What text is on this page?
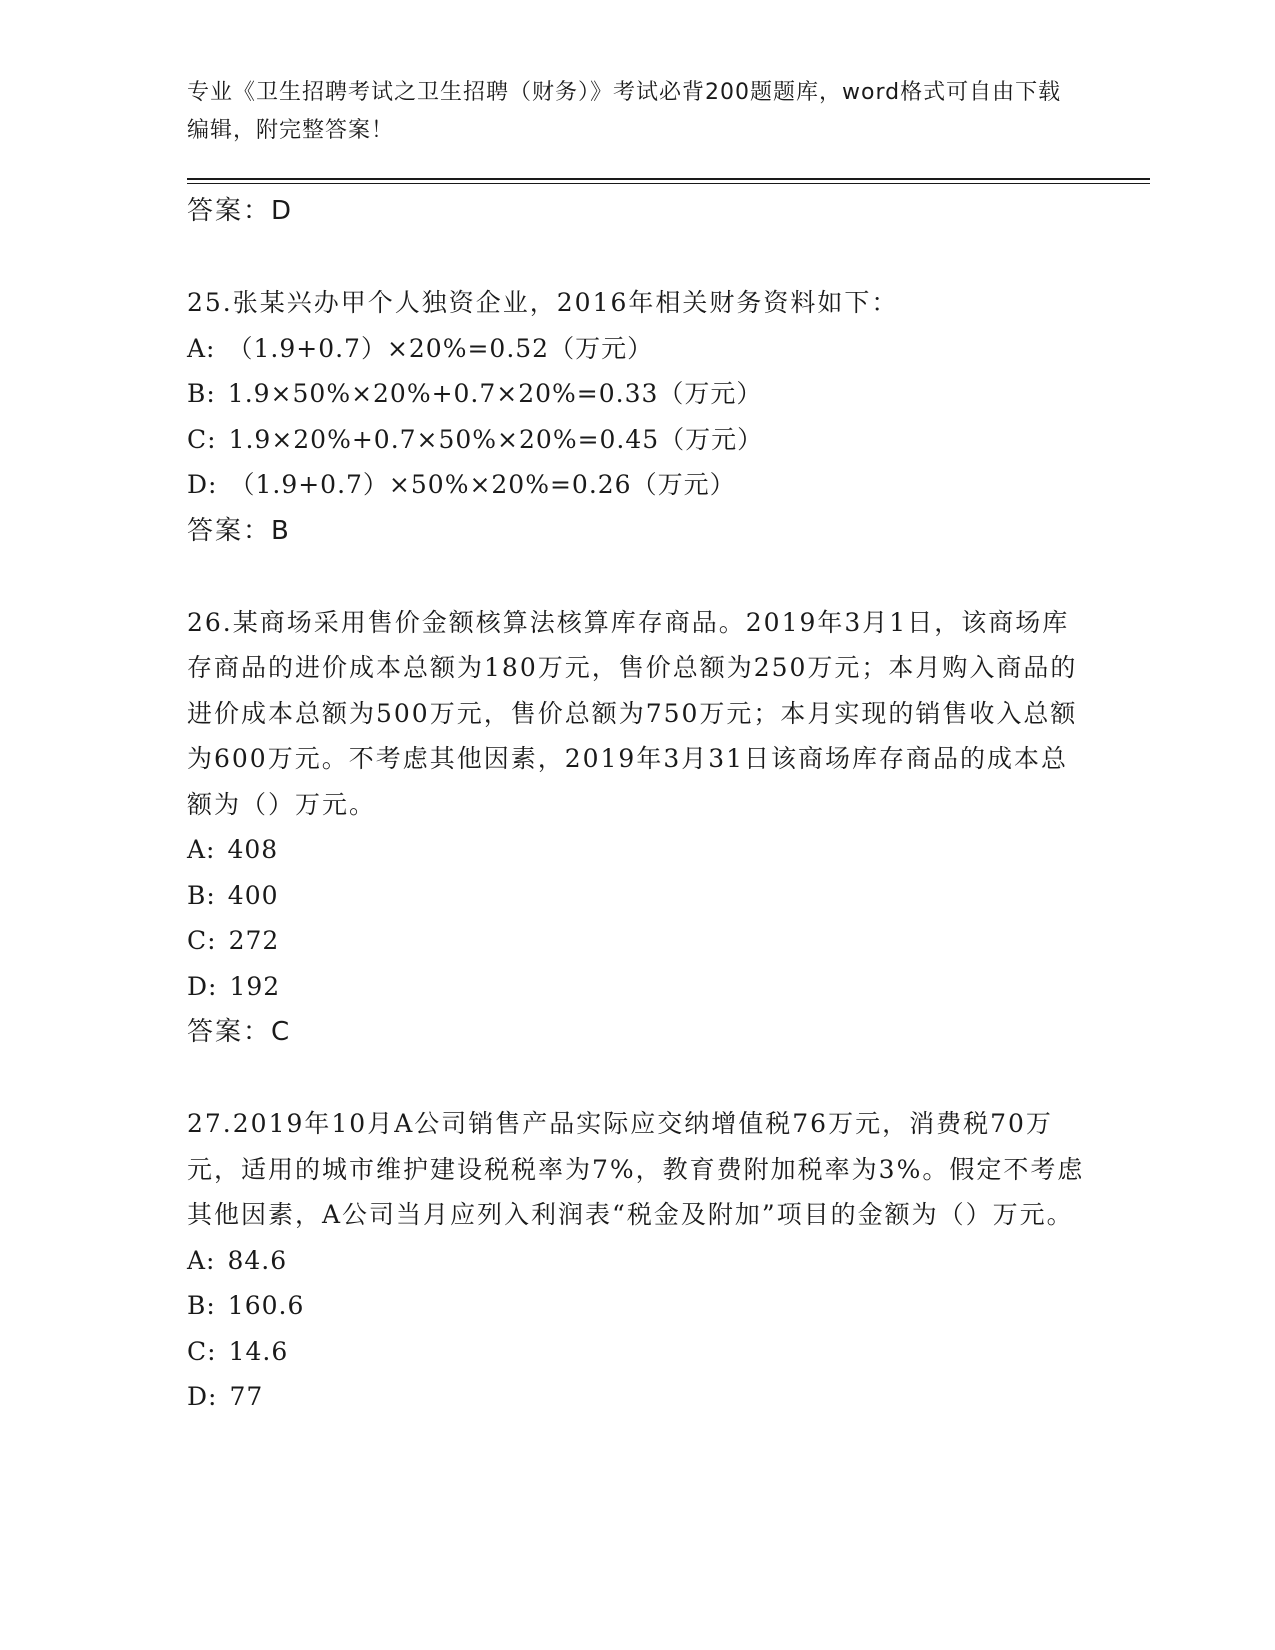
专业《卫生招聘考试之卫生招聘（财务）》考试必背200题题库，word格式可自由下载编辑，附完整答案！
答案：D
25.张某兴办甲个人独资企业，2016年相关财务资料如下：
A: （1.9+0.7）×20%=0.52（万元）
B: 1.9×50%×20%+0.7×20%=0.33（万元）
C: 1.9×20%+0.7×50%×20%=0.45（万元）
D: （1.9+0.7）×50%×20%=0.26（万元）
答案：B
26.某商场采用售价金额核算法核算库存商品。2019年3月1日，该商场库存商品的进价成本总额为180万元，售价总额为250万元；本月购入商品的进价成本总额为500万元，售价总额为750万元；本月实现的销售收入总额为600万元。不考虑其他因素，2019年3月31日该商场库存商品的成本总额为（）万元。
A: 408
B: 400
C: 272
D: 192
答案：C
27.2019年10月A公司销售产品实际应交纳增值税76万元，消费税70万元，适用的城市维护建设税税率为7%，教育费附加税率为3%。假定不考虑其他因素，A公司当月应列入利润表“税金及附加”项目的金额为（）万元。
A: 84.6
B: 160.6
C: 14.6
D: 77
